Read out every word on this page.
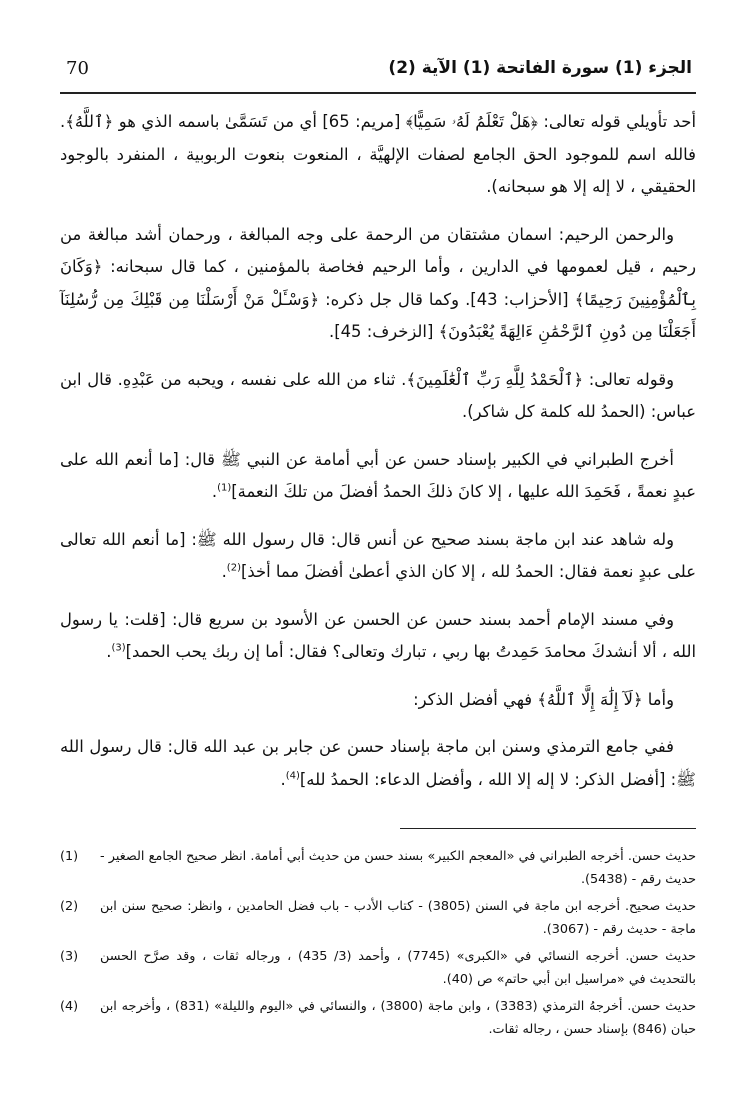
70	الجزء (1) سورة الفاتحة (1) الآية (2)

أحد تأويلي قوله تعالى: ﴿هَلْ تَعْلَمُ لَهُۥ سَمِيًّا﴾ [مريم: 65] أي من تَسَمَّىٰ باسمه الذي هو ﴿ٱللَّهُ﴾. فالله اسم للموجود الحق الجامع لصفات الإلهيَّة ، المنعوت بنعوت الربوبية ، المنفرد بالوجود الحقيقي ، لا إله إلا هو سبحانه).

والرحمن الرحيم: اسمان مشتقان من الرحمة على وجه المبالغة ، ورحمان أشد مبالغة من رحيم ، قيل لعمومها في الدارين ، وأما الرحيم فخاصة بالمؤمنين ، كما قال سبحانه: ﴿وَكَانَ بِٱلْمُؤْمِنِينَ رَحِيمًا﴾ [الأحزاب: 43]. وكما قال جل ذكره: ﴿وَسْـَٔلْ مَنْ أَرْسَلْنَا مِن قَبْلِكَ مِن رُّسُلِنَآ أَجَعَلْنَا مِن دُونِ ٱلرَّحْمَٰنِ ءَالِهَةً يُعْبَدُونَ﴾ [الزخرف: 45].

وقوله تعالى: ﴿ٱلْحَمْدُ لِلَّهِ رَبِّ ٱلْعَٰلَمِينَ﴾. ثناء من الله على نفسه ، ويحبه من عَبْدِهِ. قال ابن عباس: (الحمدُ لله كلمة كل شاكر).

أخرج الطبراني في الكبير بإسناد حسن عن أبي أمامة عن النبي ﷺ قال: [ما أنعم الله على عبدٍ نعمةً ، فَحَمِدَ الله عليها ، إلا كانَ ذلكَ الحمدُ أفضلَ من تلكَ النعمة]$^{(1)}$.

وله شاهد عند ابن ماجة بسند صحيح عن أنس قال: قال رسول الله ﷺ: [ما أنعم الله تعالى على عبدٍ نعمة فقال: الحمدُ لله ، إلا كان الذي أعطىٰ أفضلَ مما أخذ]$^{(2)}$.

وفي مسند الإمام أحمد بسند حسن عن الحسن عن الأسود بن سريع قال: [قلت: يا رسول الله ، ألا أنشدكَ محامدَ حَمِدتُ بها ربي ، تبارك وتعالى؟ فقال: أما إن ربك يحب الحمد]$^{(3)}$.

وأما ﴿لَآ إِلَٰهَ إِلَّا ٱللَّهُ﴾ فهي أفضل الذكر:

ففي جامع الترمذي وسنن ابن ماجة بإسناد حسن عن جابر بن عبد الله قال: قال رسول الله ﷺ: [أفضل الذكر: لا إله إلا الله ، وأفضل الدعاء: الحمدُ لله]$^{(4)}$.

(1)	حديث حسن. أخرجه الطبراني في «المعجم الكبير» بسند حسن من حديث أبي أمامة. انظر صحيح الجامع الصغير - حديث رقم - (5438).
(2)	حديث صحيح. أخرجه ابن ماجة في السنن (3805) - كتاب الأدب - باب فضل الحامدين ، وانظر: صحيح سنن ابن ماجة - حديث رقم - (3067).
(3)	حديث حسن. أخرجه النسائي في «الكبرى» (7745) ، وأحمد (3/ 435) ، ورجاله ثقات ، وقد صرَّح الحسن بالتحديث في «مراسيل ابن أبي حاتم» ص (40).
(4)	حديث حسن. أخرجهُ الترمذي (3383) ، وابن ماجة (3800) ، والنسائي في «اليوم والليلة» (831) ، وأخرجه ابن حبان (846) بإسناد حسن ، رجاله ثقات.
